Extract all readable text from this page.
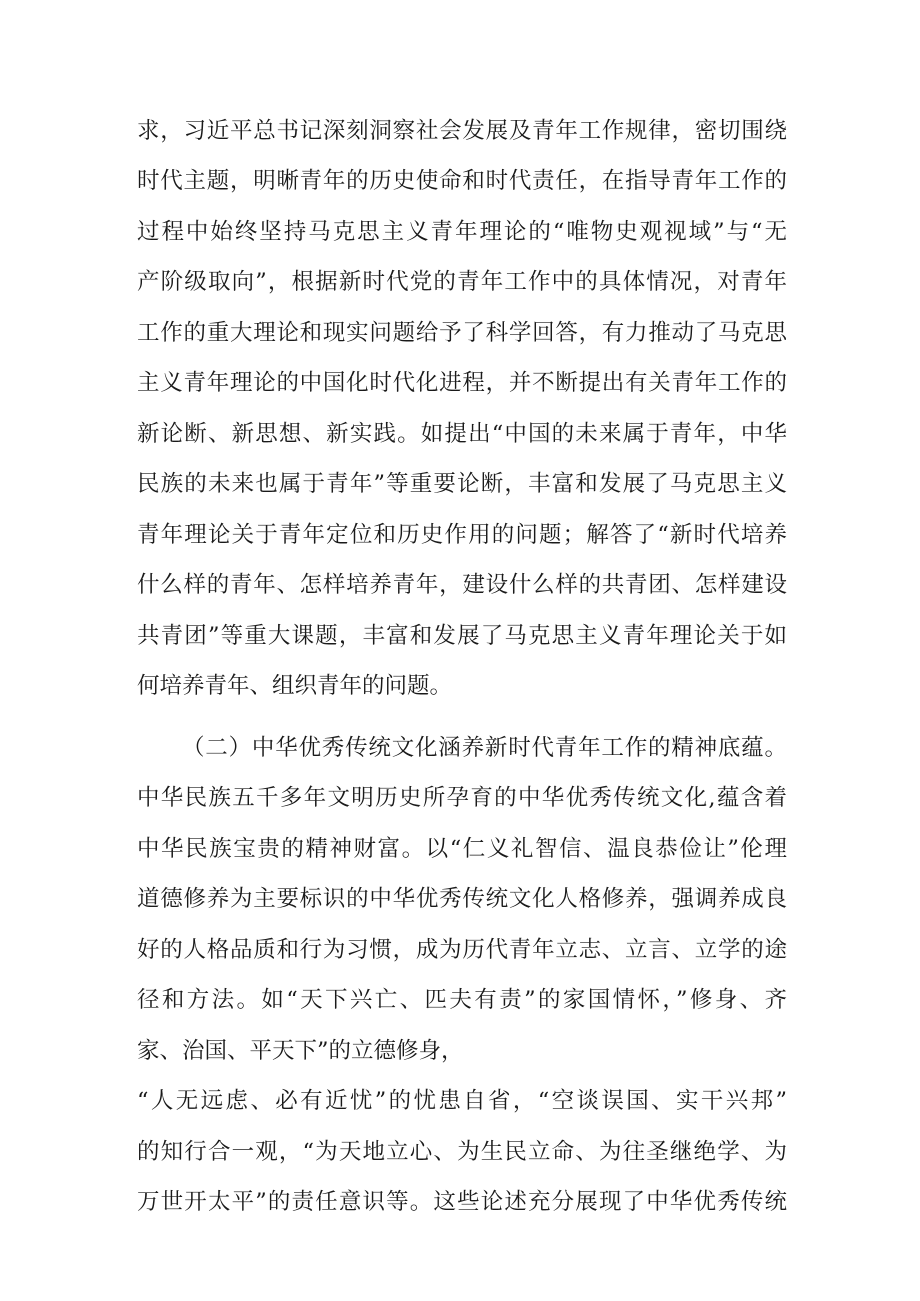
求，习近平总书记深刻洞察社会发展及青年工作规律，密切围绕
时代主题，明晰青年的历史使命和时代责任，在指导青年工作的
过程中始终坚持马克思主义青年理论的“唯物史观视域”与“无
产阶级取向”，根据新时代党的青年工作中的具体情况，对青年
工作的重大理论和现实问题给予了科学回答，有力推动了马克思
主义青年理论的中国化时代化进程，并不断提出有关青年工作的
新论断、新思想、新实践。如提出“中国的未来属于青年，中华
民族的未来也属于青年”等重要论断，丰富和发展了马克思主义
青年理论关于青年定位和历史作用的问题；解答了“新时代培养
什么样的青年、怎样培养青年，建设什么样的共青团、怎样建设
共青团”等重大课题，丰富和发展了马克思主义青年理论关于如
何培养青年、组织青年的问题。
（二）中华优秀传统文化涵养新时代青年工作的精神底蕴。
中华民族五千多年文明历史所孕育的中华优秀传统文化,蕴含着
中华民族宝贵的精神财富。以“仁义礼智信、温良恭俭让”伦理
道德修养为主要标识的中华优秀传统文化人格修养，强调养成良
好的人格品质和行为习惯，成为历代青年立志、立言、立学的途
径和方法。如“天下兴亡、匹夫有责”的家国情怀，”修身、齐
家、治国、平天下”的立德修身，
“人无远虑、必有近忧”的忧患自省，“空谈误国、实干兴邦”
的知行合一观，“为天地立心、为生民立命、为往圣继绝学、为
万世开太平”的责任意识等。这些论述充分展现了中华优秀传统
